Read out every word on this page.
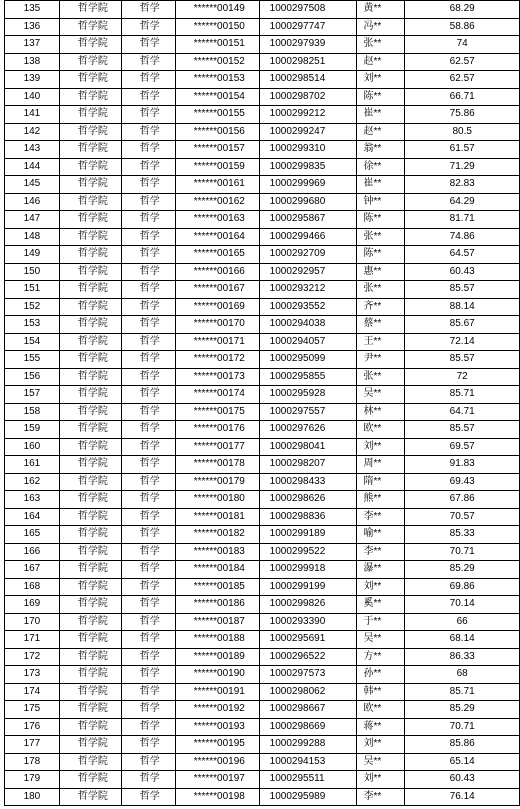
135	哲学院	哲学	******00149	1000297508	黄**	68.29
136	哲学院	哲学	******00150	1000297747	冯**	58.86
137	哲学院	哲学	******00151	1000297939	张**	74
138	哲学院	哲学	******00152	1000298251	赵**	62.57
139	哲学院	哲学	******00153	1000298514	刘**	62.57
140	哲学院	哲学	******00154	1000298702	陈**	66.71
141	哲学院	哲学	******00155	1000299212	崔**	75.86
142	哲学院	哲学	******00156	1000299247	赵**	80.5
143	哲学院	哲学	******00157	1000299310	翁**	61.57
144	哲学院	哲学	******00159	1000299835	徐**	71.29
145	哲学院	哲学	******00161	1000299969	崔**	82.83
146	哲学院	哲学	******00162	1000299680	钟**	64.29
147	哲学院	哲学	******00163	1000295867	陈**	81.71
148	哲学院	哲学	******00164	1000299466	张**	74.86
149	哲学院	哲学	******00165	1000292709	陈**	64.57
150	哲学院	哲学	******00166	1000292957	惠**	60.43
151	哲学院	哲学	******00167	1000293212	张**	85.57
152	哲学院	哲学	******00169	1000293552	齐**	88.14
153	哲学院	哲学	******00170	1000294038	蔡**	85.67
154	哲学院	哲学	******00171	1000294057	王**	72.14
155	哲学院	哲学	******00172	1000295099	尹**	85.57
156	哲学院	哲学	******00173	1000295855	张**	72
157	哲学院	哲学	******00174	1000295928	吴**	85.71
158	哲学院	哲学	******00175	1000297557	林**	64.71
159	哲学院	哲学	******00176	1000297626	欧**	85.57
160	哲学院	哲学	******00177	1000298041	刘**	69.57
161	哲学院	哲学	******00178	1000298207	周**	91.83
162	哲学院	哲学	******00179	1000298433	隋**	69.43
163	哲学院	哲学	******00180	1000298626	熊**	67.86
164	哲学院	哲学	******00181	1000298836	李**	70.57
165	哲学院	哲学	******00182	1000299189	喻**	85.33
166	哲学院	哲学	******00183	1000299522	李**	70.71
167	哲学院	哲学	******00184	1000299918	瀑**	85.29
168	哲学院	哲学	******00185	1000299199	刘**	69.86
169	哲学院	哲学	******00186	1000299826	奚**	70.14
170	哲学院	哲学	******00187	1000293390	于**	66
171	哲学院	哲学	******00188	1000295691	吴**	68.14
172	哲学院	哲学	******00189	1000296522	方**	86.33
173	哲学院	哲学	******00190	1000297573	孙**	68
174	哲学院	哲学	******00191	1000298062	韩**	85.71
175	哲学院	哲学	******00192	1000298667	欧**	85.29
176	哲学院	哲学	******00193	1000298669	蒋**	70.71
177	哲学院	哲学	******00195	1000299288	刘**	85.86
178	哲学院	哲学	******00196	1000294153	吴**	65.14
179	哲学院	哲学	******00197	1000295511	刘**	60.43
180	哲学院	哲学	******00198	1000295989	李**	76.14
